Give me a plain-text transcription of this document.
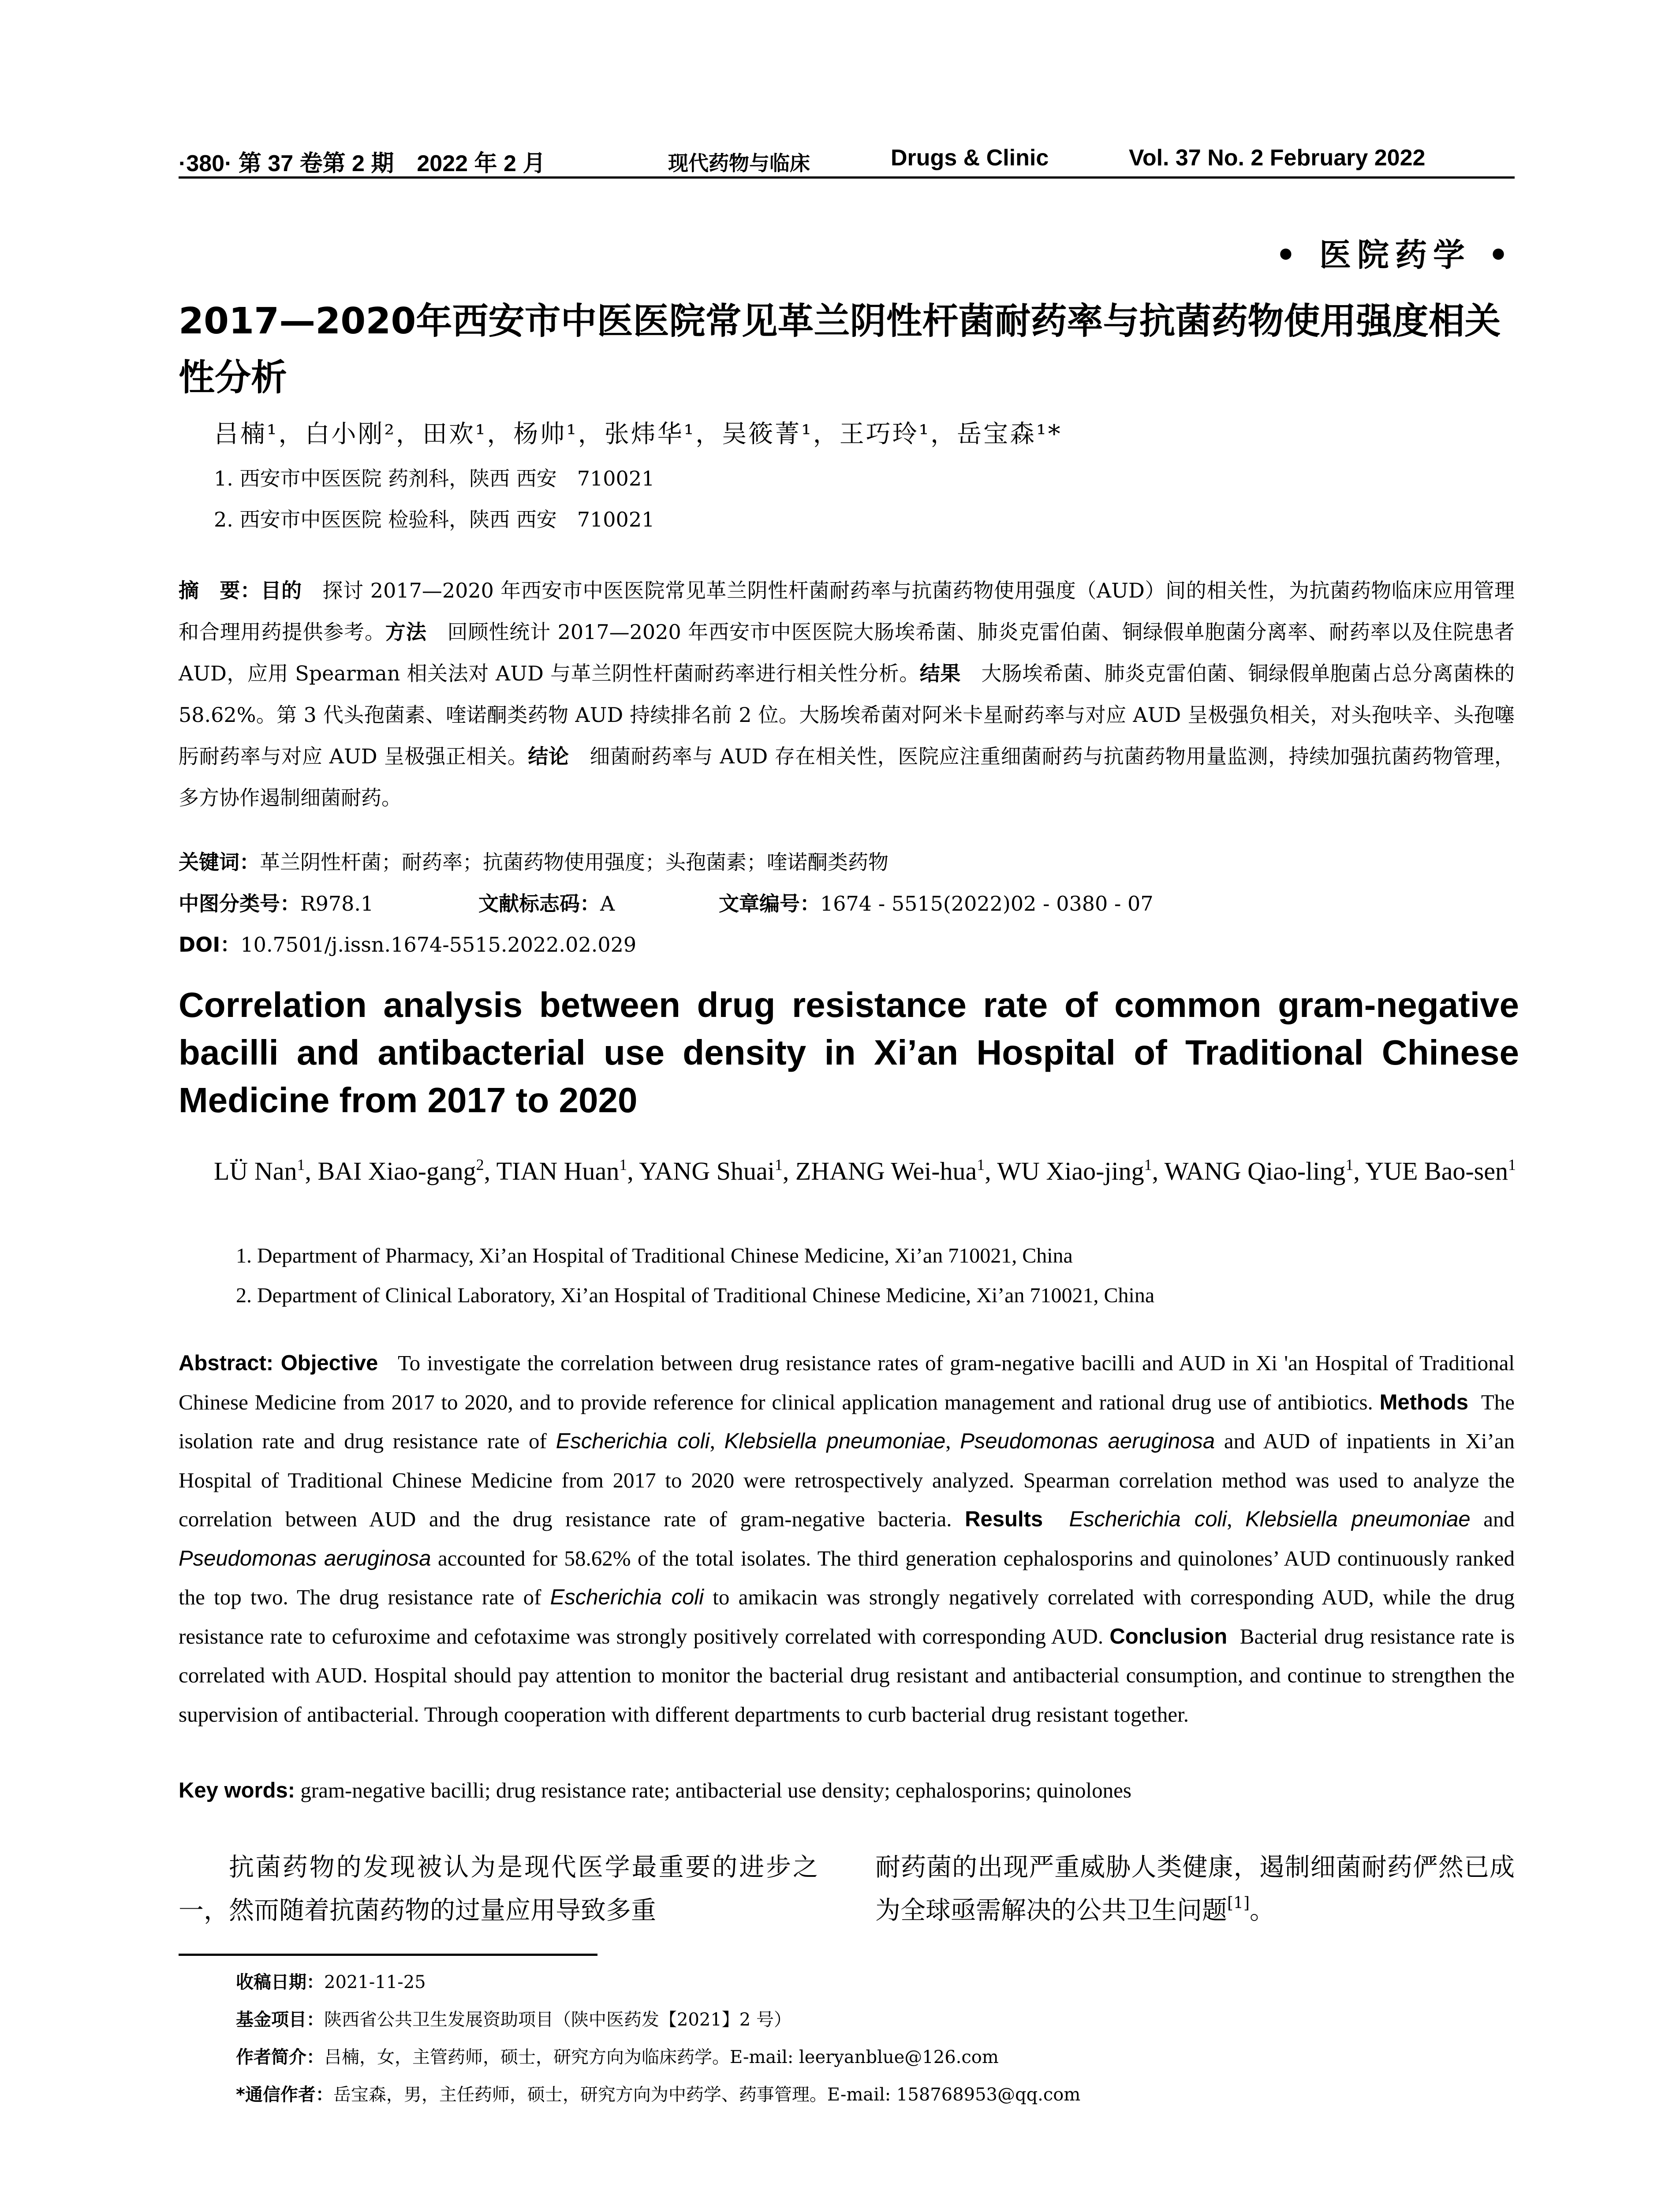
·380· 第 37 卷第 2 期　2022 年 2 月	现代药物与临床	Drugs & Clinic	Vol. 37 No. 2 February 2022
• 医院药学 •
2017—2020年西安市中医医院常见革兰阴性杆菌耐药率与抗菌药物使用强度相关性分析
吕楠¹，白小刚²，田欢¹，杨帅¹，张炜华¹，吴筱菁¹，王巧玲¹，岳宝森¹*
1. 西安市中医医院 药剂科，陕西 西安　710021
2. 西安市中医医院 检验科，陕西 西安　710021
摘　要：目的　 探讨 2017—2020 年西安市中医医院常见革兰阴性杆菌耐药率与抗菌药物使用强度（AUD）间的相关性，为抗菌药物临床应用管理和合理用药提供参考。方法　 回顾性统计 2017—2020 年西安市中医医院大肠埃希菌、肺炎克雷伯菌、铜绿假单胞菌分离率、耐药率以及住院患者 AUD，应用 Spearman 相关法对 AUD 与革兰阴性杆菌耐药率进行相关性分析。结果　 大肠埃希菌、肺炎克雷伯菌、铜绿假单胞菌占总分离菌株的 58.62%。第 3 代头孢菌素、喹诺酮类药物 AUD 持续排名前 2 位。大肠埃希菌对阿米卡星耐药率与对应 AUD 呈极强负相关，对头孢呋辛、头孢噻肟耐药率与对应 AUD 呈极强正相关。结论　 细菌耐药率与 AUD 存在相关性，医院应注重细菌耐药与抗菌药物用量监测，持续加强抗菌药物管理，多方协作遏制细菌耐药。
关键词：革兰阴性杆菌；耐药率；抗菌药物使用强度；头孢菌素；喹诺酮类药物
中图分类号：R978.1	文献标志码：A	文章编号：1674 - 5515(2022)02 - 0380 - 07
DOI：10.7501/j.issn.1674-5515.2022.02.029
Correlation analysis between drug resistance rate of common gram-negative bacilli and antibacterial use density in Xi’an Hospital of Traditional Chinese Medicine from 2017 to 2020
LÜ Nan$^1$, BAI Xiao-gang$^2$, TIAN Huan$^1$, YANG Shuai$^1$, ZHANG Wei-hua$^1$, WU Xiao-jing$^1$, WANG Qiao-ling$^1$, YUE Bao-sen$^1$
1. Department of Pharmacy, Xi’an Hospital of Traditional Chinese Medicine, Xi’an 710021, China
2. Department of Clinical Laboratory, Xi’an Hospital of Traditional Chinese Medicine, Xi’an 710021, China
Abstract: Objective To investigate the correlation between drug resistance rates of gram-negative bacilli and AUD in Xi 'an Hospital of Traditional Chinese Medicine from 2017 to 2020, and to provide reference for clinical application management and rational drug use of antibiotics. Methods The isolation rate and drug resistance rate of Escherichia coli, Klebsiella pneumoniae, Pseudomonas aeruginosa and AUD of inpatients in Xi’an Hospital of Traditional Chinese Medicine from 2017 to 2020 were retrospectively analyzed. Spearman correlation method was used to analyze the correlation between AUD and the drug resistance rate of gram-negative bacteria. Results Escherichia coli, Klebsiella pneumoniae and Pseudomonas aeruginosa accounted for 58.62% of the total isolates. The third generation cephalosporins and quinolones’ AUD continuously ranked the top two. The drug resistance rate of Escherichia coli to amikacin was strongly negatively correlated with corresponding AUD, while the drug resistance rate to cefuroxime and cefotaxime was strongly positively correlated with corresponding AUD. Conclusion Bacterial drug resistance rate is correlated with AUD. Hospital should pay attention to monitor the bacterial drug resistant and antibacterial consumption, and continue to strengthen the supervision of antibacterial. Through cooperation with different departments to curb bacterial drug resistant together.
Key words: gram-negative bacilli; drug resistance rate; antibacterial use density; cephalosporins; quinolones
抗菌药物的发现被认为是现代医学最重要的进步之一，然而随着抗菌药物的过量应用导致多重
耐药菌的出现严重威胁人类健康，遏制细菌耐药俨然已成为全球亟需解决的公共卫生问题[1]。
收稿日期：2021-11-25
基金项目：陕西省公共卫生发展资助项目（陕中医药发【2021】2 号）
作者简介：吕楠，女，主管药师，硕士，研究方向为临床药学。E-mail: leeryanblue@126.com
*通信作者：岳宝森，男，主任药师，硕士，研究方向为中药学、药事管理。E-mail: 158768953@qq.com
